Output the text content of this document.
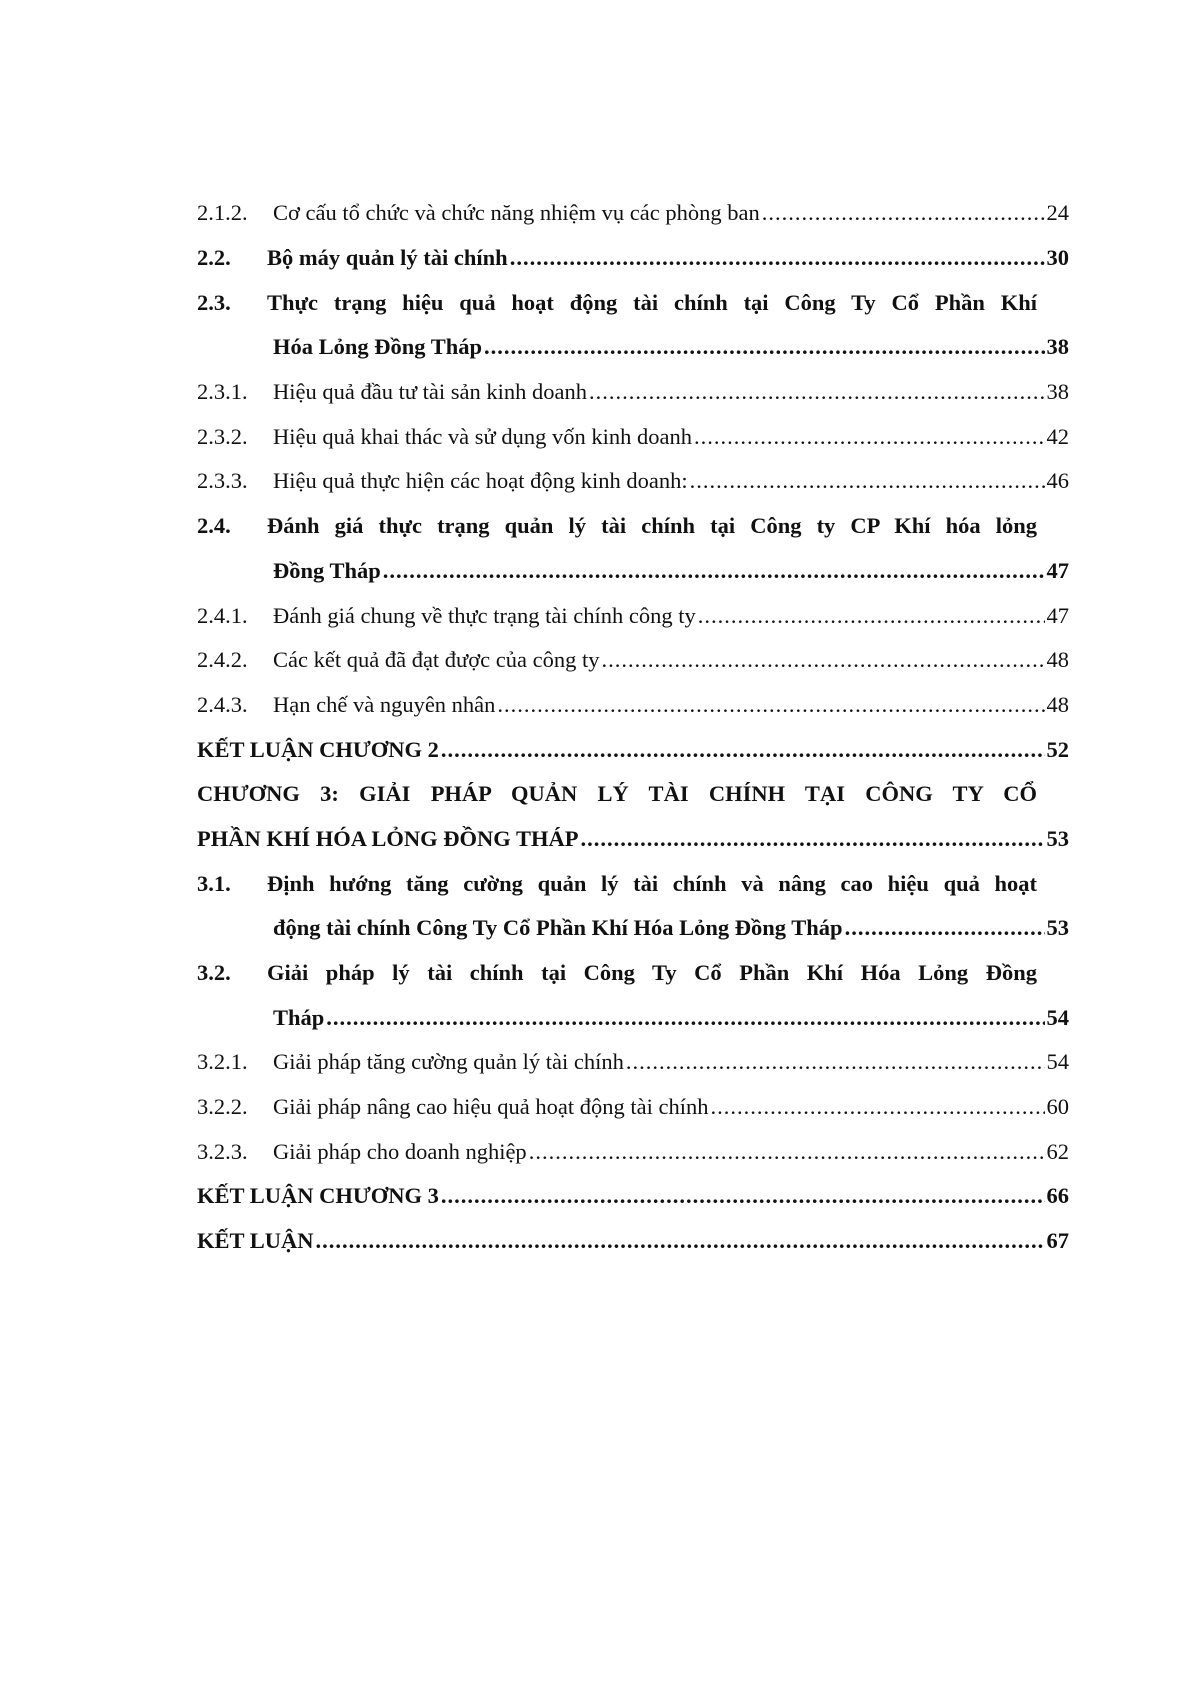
2.1.2.	Cơ cấu tổ chức và chức năng nhiệm vụ các phòng ban .....	24
2.2.	Bộ máy quản lý tài chính .....	30
2.3.	Thực trạng hiệu quả hoạt động tài chính tại Công Ty Cổ Phần Khí
Hóa Lỏng Đồng Tháp .....	38
2.3.1.	Hiệu quả đầu tư tài sản kinh doanh .....	38
2.3.2.	Hiệu quả khai thác và sử dụng vốn kinh doanh .....	42
2.3.3.	Hiệu quả thực hiện các hoạt động kinh doanh: .....	46
2.4.	Đánh giá thực trạng quản lý tài chính tại Công ty CP Khí hóa lỏng
Đồng Tháp .....	47
2.4.1.	Đánh giá chung về thực trạng tài chính công ty .....	47
2.4.2.	Các kết quả đã đạt được của công ty .....	48
2.4.3.	Hạn chế và nguyên nhân .....	48
KẾT LUẬN CHƯƠNG 2 .....	52
CHƯƠNG 3: GIẢI PHÁP QUẢN LÝ TÀI CHÍNH TẠI CÔNG TY CỔ
PHẦN KHÍ HÓA LỎNG ĐỒNG THÁP .....	53
3.1.	Định hướng tăng cường quản lý tài chính và nâng cao hiệu quả hoạt
động tài chính Công Ty Cổ Phần Khí Hóa Lỏng Đồng Tháp .....	53
3.2.	Giải pháp lý tài chính tại Công Ty Cổ Phần Khí Hóa Lỏng Đồng
Tháp .....	54
3.2.1.	Giải pháp tăng cường quản lý tài chính .....	54
3.2.2.	Giải pháp nâng cao hiệu quả hoạt động tài chính .....	60
3.2.3.	Giải pháp cho doanh nghiệp .....	62
KẾT LUẬN CHƯƠNG 3 .....	66
KẾT LUẬN .....	67
